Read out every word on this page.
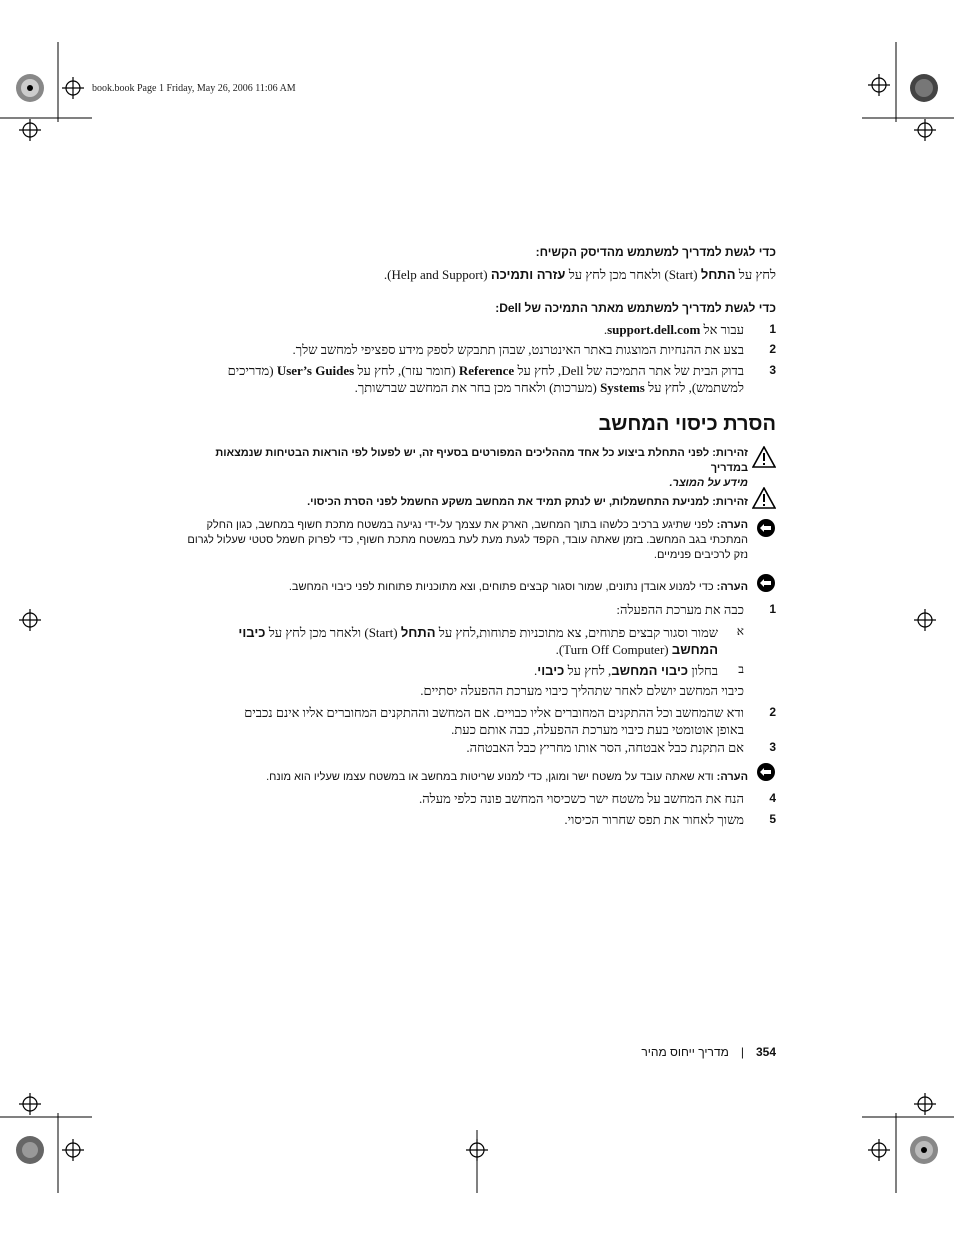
book.book Page 1 Friday, May 26, 2006 11:06 AM
כדי לגשת למדריך למשתמש מהדיסק הקשיח:
לחץ על התחל (Start) ולאחר מכן לחץ על עזרה ותמיכה (Help and Support).
כדי לגשת למדריך למשתמש מאתר התמיכה של Dell:
1
עבור אל support.dell.com.
2
בצע את ההנחיות המוצגות באתר האינטרנט, שבהן תתבקש לספק מידע ספציפי למחשב שלך.
3
בדוק הבית של אתר התמיכה של Dell, לחץ על Reference (חומר עזר), לחץ על User’s Guides (מדריכים
למשתמש), לחץ על Systems (מערכות) ולאחר מכן בחר את המחשב שברשותך.
הסרת כיסוי המחשב
זהירות: לפני התחלת ביצוע כל אחד מההליכים המפורטים בסעיף זה, יש לפעול לפי הוראות הבטיחות שנמצאות במדריך
מידע על המוצר.
זהירות: למניעת התחשמלות, יש לנתק תמיד את המחשב משקע החשמל לפני הסרת הכיסוי.
הערה: לפני שתיגע ברכיב כלשהו בתוך המחשב, הארק את עצמך על-ידי נגיעה במשטח מתכת חשוף במחשב, כגון החלק
המתכתי בגב המחשב. בזמן שאתה עובד, הקפד לגעת מעת לעת במשטח מתכת חשוף, כדי לפרוק חשמל סטטי שעלול לגרום
נזק לרכיבים פנימיים.
הערה: כדי למנוע אובדן נתונים, שמור וסגור קבצים פתוחים, וצא מתוכניות פתוחות לפני כיבוי המחשב.
1
כבה את מערכת ההפעלה:
א
שמור וסגור קבצים פתוחים, צא מתוכניות פתוחות,לחץ על התחל (Start) ולאחר מכן לחץ על כיבוי
המחשב (Turn Off Computer).
ב
בחלון כיבוי המחשב, לחץ על כיבוי.
כיבוי המחשב יושלם לאחר שתהליך כיבוי מערכת ההפעלה יסתיים.
2
ודא שהמחשב וכל ההתקנים המחוברים אליו כבויים. אם המחשב וההתקנים המחוברים אליו אינם נכבים
באופן אוטומטי בעת כיבוי מערכת ההפעלה, כבה אותם כעת.
3
אם התקנת כבל אבטחה, הסר אותו מחריץ כבל האבטחה.
הערה: ודא שאתה עובד על משטח ישר ומוגן, כדי למנוע שריטות במחשב או במשטח עצמו שעליו הוא מונח.
4
הנח את המחשב על משטח ישר כשכיסוי המחשב פונה כלפי מעלה.
5
משוך לאחור את תפס שחרור הכיסוי.
354
|
מדריך ייחוס מהיר
